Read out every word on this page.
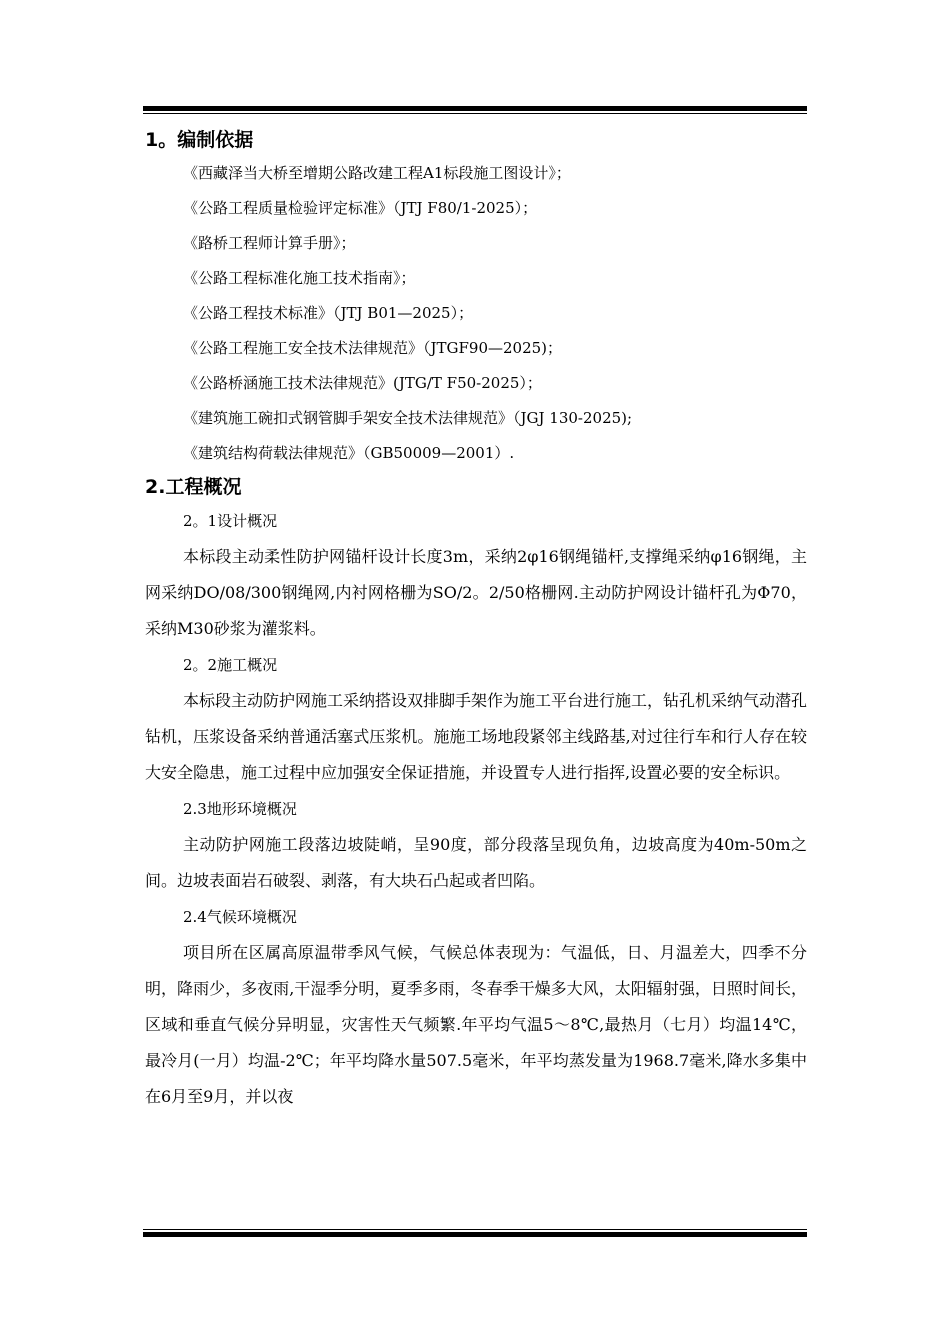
1。编制依据

《西藏泽当大桥至增期公路改建工程A1标段施工图设计》；

《公路工程质量检验评定标准》（JTJ F80/1-2025）；

《路桥工程师计算手册》；

《公路工程标准化施工技术指南》；

《公路工程技术标准》（JTJ B01—2025）；

《公路工程施工安全技术法律规范》（JTGF90—2025)；

《公路桥涵施工技术法律规范》(JTG/T F50-2025）；

《建筑施工碗扣式钢管脚手架安全技术法律规范》（JGJ 130-2025);

《建筑结构荷载法律规范》（GB50009—2001）.

2.工程概况

2。1设计概况

本标段主动柔性防护网锚杆设计长度3m，采纳2φ16钢绳锚杆,支撑绳采纳φ16钢绳，主网采纳DO/08/300钢绳网,内衬网格栅为SO/2。2/50格栅网.主动防护网设计锚杆孔为Φ70，采纳M30砂浆为灌浆料。

2。2施工概况

本标段主动防护网施工采纳搭设双排脚手架作为施工平台进行施工，钻孔机采纳气动潜孔钻机，压浆设备采纳普通活塞式压浆机。施施工场地段紧邻主线路基,对过往行车和行人存在较大安全隐患，施工过程中应加强安全保证措施，并设置专人进行指挥,设置必要的安全标识。

2.3地形环境概况

主动防护网施工段落边坡陡峭，呈90度，部分段落呈现负角，边坡高度为40m-50m之间。边坡表面岩石破裂、剥落，有大块石凸起或者凹陷。

2.4气候环境概况

项目所在区属高原温带季风气候，气候总体表现为：气温低，日、月温差大，四季不分明，降雨少，多夜雨,干湿季分明，夏季多雨，冬春季干燥多大风，太阳辐射强，日照时间长，区域和垂直气候分异明显，灾害性天气频繁.年平均气温5～8℃,最热月（七月）均温14℃，最冷月(一月）均温-2℃；年平均降水量507.5毫米，年平均蒸发量为1968.7毫米,降水多集中在6月至9月，并以夜
